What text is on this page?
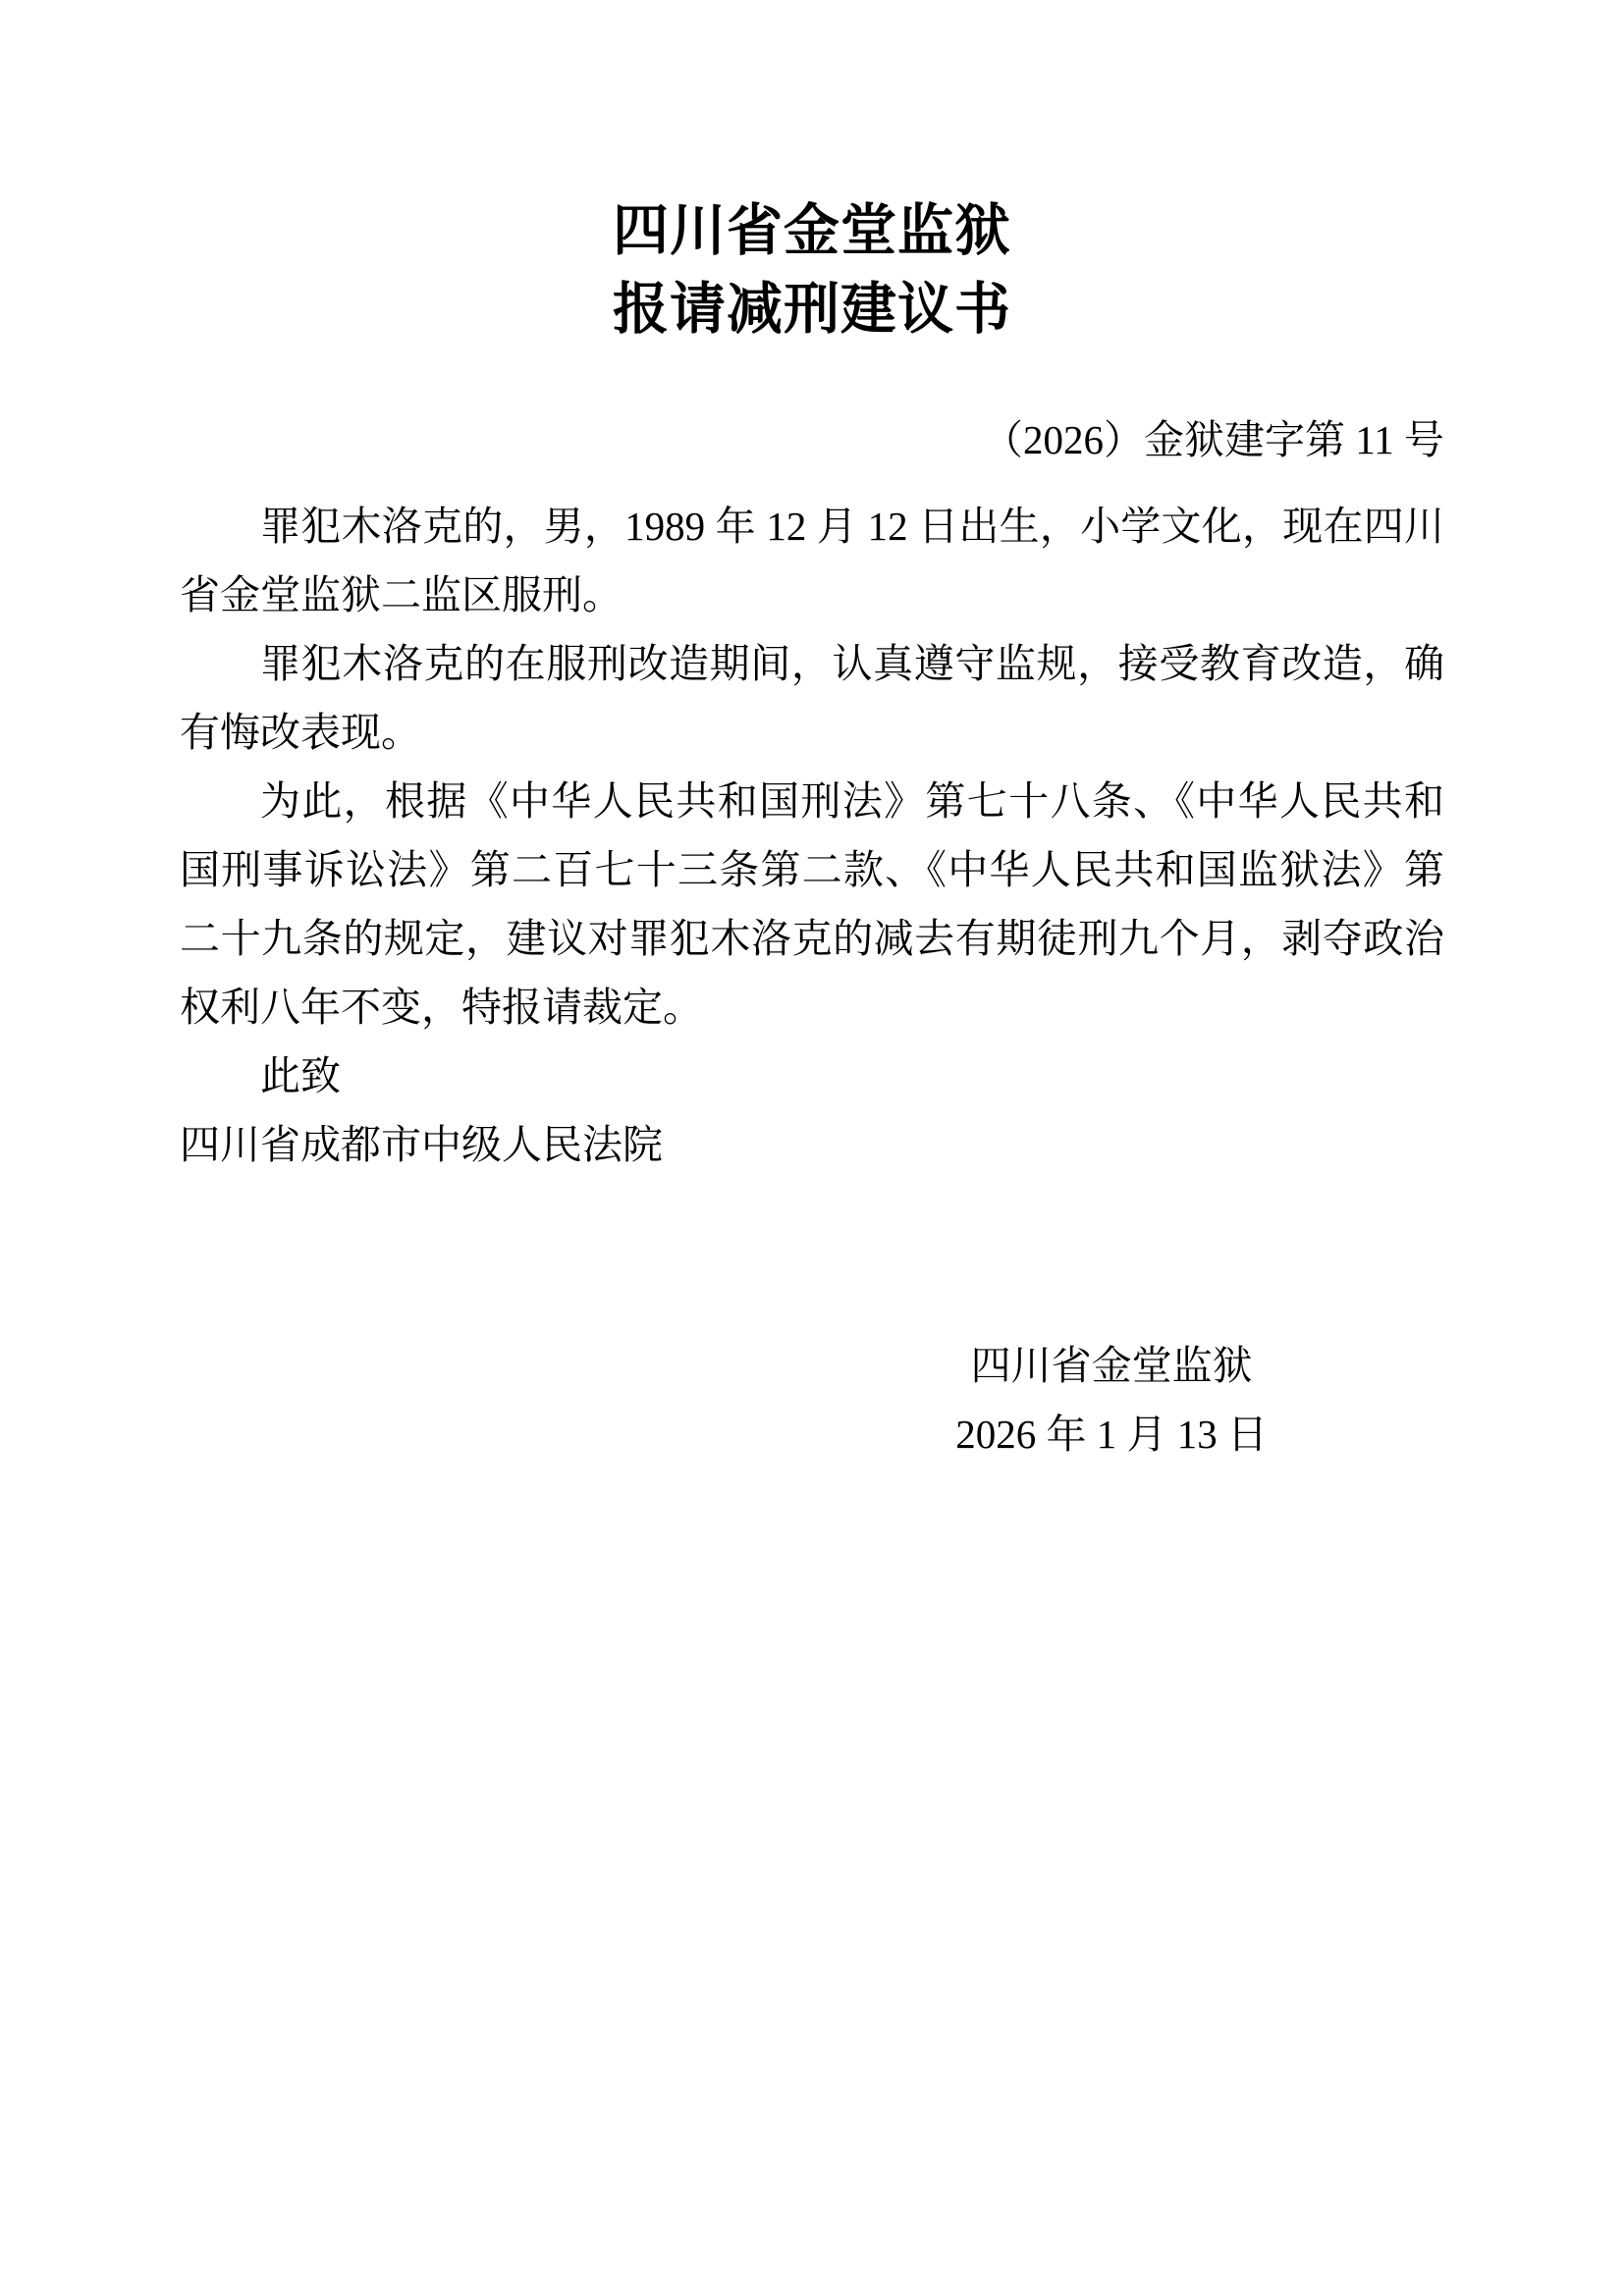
四川省金堂监狱
报请减刑建议书
（2026）金狱建字第 11 号

罪犯木洛克的，男，1989 年 12 月 12 日出生，小学文化，现在四川省金堂监狱二监区服刑。

罪犯木洛克的在服刑改造期间，认真遵守监规，接受教育改造，确有悔改表现。

为此，根据《中华人民共和国刑法》第七十八条、《中华人民共和国刑事诉讼法》第二百七十三条第二款、《中华人民共和国监狱法》第二十九条的规定，建议对罪犯木洛克的减去有期徒刑九个月，剥夺政治权利八年不变，特报请裁定。

此致

四川省成都市中级人民法院

四川省金堂监狱
2026 年 1 月 13 日
